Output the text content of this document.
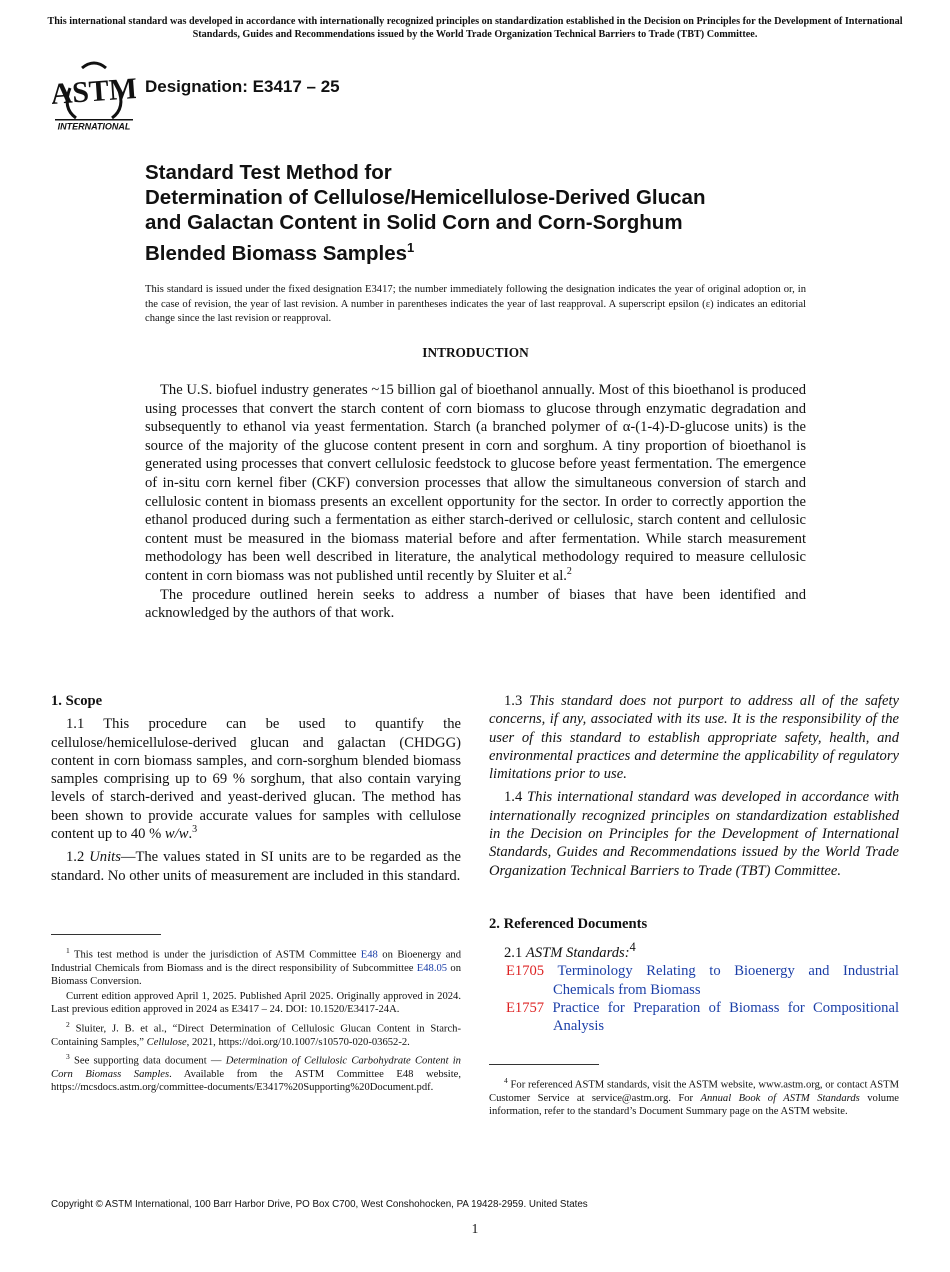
This international standard was developed in accordance with internationally recognized principles on standardization established in the Decision on Principles for the Development of International Standards, Guides and Recommendations issued by the World Trade Organization Technical Barriers to Trade (TBT) Committee.
ASTM
INTERNATIONAL
Designation: E3417 – 25
Standard Test Method for
Determination of Cellulose/Hemicellulose-Derived Glucan
and Galactan Content in Solid Corn and Corn-Sorghum
Blended Biomass Samples$^1$
This standard is issued under the fixed designation E3417; the number immediately following the designation indicates the year of original adoption or, in the case of revision, the year of last revision. A number in parentheses indicates the year of last reapproval. A superscript epsilon (ε) indicates an editorial change since the last revision or reapproval.
INTRODUCTION

The U.S. biofuel industry generates ~15 billion gal of bioethanol annually. Most of this bioethanol is produced using processes that convert the starch content of corn biomass to glucose through enzymatic degradation and subsequently to ethanol via yeast fermentation. Starch (a branched polymer of α-(1-4)-D-glucose units) is the source of the majority of the glucose content present in corn and sorghum. A tiny proportion of bioethanol is generated using processes that convert cellulosic feedstock to glucose before yeast fermentation. The emergence of in-situ corn kernel fiber (CKF) conversion processes that allow the simultaneous conversion of starch and cellulosic content in biomass presents an excellent opportunity for the sector. In order to correctly apportion the ethanol produced during such a fermentation as either starch-derived or cellulosic, starch content and cellulosic content must be measured in the biomass material before and after fermentation. While starch measurement methodology has been well described in literature, the analytical methodology required to measure cellulosic content in corn biomass was not published until recently by Sluiter et al.$^2$

The procedure outlined herein seeks to address a number of biases that have been identified and acknowledged by the authors of that work.

1. Scope

1.1 This procedure can be used to quantify the cellulose/hemicellulose-derived glucan and galactan (CHDGG) content in corn biomass samples, and corn-sorghum blended biomass samples comprising up to 69 % sorghum, that also contain varying levels of starch-derived and yeast-derived glucan. The method has been shown to provide accurate values for samples with cellulose content up to 40 % w/w.$^3$

1.2 Units—The values stated in SI units are to be regarded as the standard. No other units of measurement are included in this standard.

1.3 This standard does not purport to address all of the safety concerns, if any, associated with its use. It is the responsibility of the user of this standard to establish appropriate safety, health, and environmental practices and determine the applicability of regulatory limitations prior to use.

1.4 This international standard was developed in accordance with internationally recognized principles on standardization established in the Decision on Principles for the Development of International Standards, Guides and Recommendations issued by the World Trade Organization Technical Barriers to Trade (TBT) Committee.

2. Referenced Documents

2.1 ASTM Standards:$^4$

E1705 Terminology Relating to Bioenergy and Industrial Chemicals from Biomass

E1757 Practice for Preparation of Biomass for Compositional Analysis

$^1$ This test method is under the jurisdiction of ASTM Committee E48 on Bioenergy and Industrial Chemicals from Biomass and is the direct responsibility of Subcommittee E48.05 on Biomass Conversion.

Current edition approved April 1, 2025. Published April 2025. Originally approved in 2024. Last previous edition approved in 2024 as E3417 – 24. DOI: 10.1520/E3417-24A.

$^2$ Sluiter, J. B. et al., “Direct Determination of Cellulosic Glucan Content in Starch-Containing Samples,” Cellulose, 2021, https://doi.org/10.1007/s10570-020-03652-2.

$^3$ See supporting data document — Determination of Cellulosic Carbohydrate Content in Corn Biomass Samples. Available from the ASTM Committee E48 website, https://mcsdocs.astm.org/committee-documents/E3417%20Supporting%20Document.pdf.

$^4$ For referenced ASTM standards, visit the ASTM website, www.astm.org, or contact ASTM Customer Service at service@astm.org. For Annual Book of ASTM Standards volume information, refer to the standard’s Document Summary page on the ASTM website.

Copyright © ASTM International, 100 Barr Harbor Drive, PO Box C700, West Conshohocken, PA 19428-2959. United States
1
